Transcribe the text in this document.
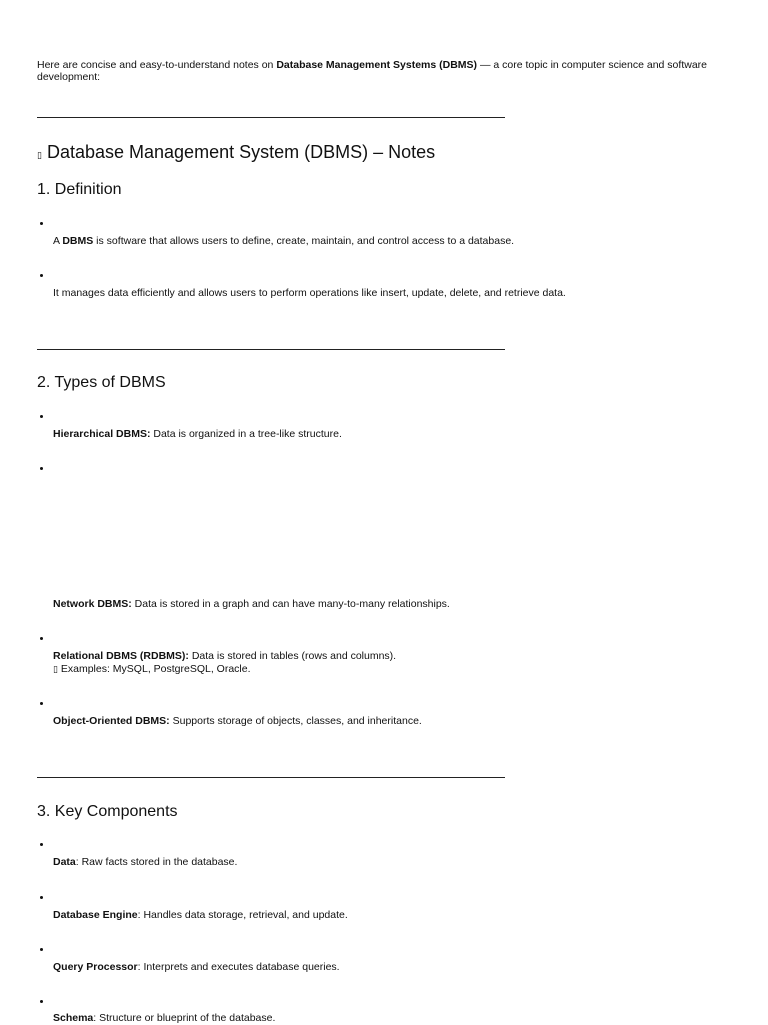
Here are concise and easy-to-understand notes on Database Management Systems (DBMS) — a core topic in computer science and software development:

▯ Database Management System (DBMS) – Notes
1. Definition

A DBMS is software that allows users to define, create, maintain, and control access to a database.

It manages data efficiently and allows users to perform operations like insert, update, delete, and retrieve data.

2. Types of DBMS

Hierarchical DBMS: Data is organized in a tree-like structure.

Network DBMS: Data is stored in a graph and can have many-to-many relationships.

Relational DBMS (RDBMS): Data is stored in tables (rows and columns).
▯ Examples: MySQL, PostgreSQL, Oracle.

Object-Oriented DBMS: Supports storage of objects, classes, and inheritance.

3. Key Components

Data: Raw facts stored in the database.

Database Engine: Handles data storage, retrieval, and update.

Query Processor: Interprets and executes database queries.

Schema: Structure or blueprint of the database.
